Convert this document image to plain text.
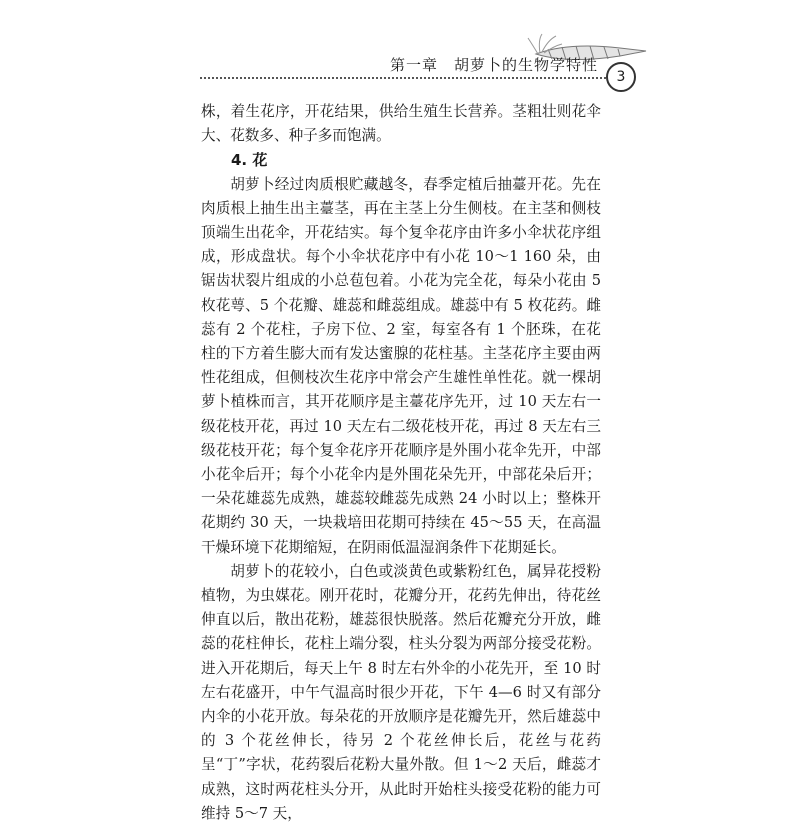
第一章　胡萝卜的生物学特性
3

株，着生花序，开花结果，供给生殖生长营养。茎粗壮则花伞大、花数多、种子多而饱满。

4. 花

胡萝卜经过肉质根贮藏越冬，春季定植后抽薹开花。先在肉质根上抽生出主薹茎，再在主茎上分生侧枝。在主茎和侧枝顶端生出花伞，开花结实。每个复伞花序由许多小伞状花序组成，形成盘状。每个小伞状花序中有小花 10～1 160 朵，由锯齿状裂片组成的小总苞包着。小花为完全花，每朵小花由 5 枚花萼、5 个花瓣、雄蕊和雌蕊组成。雄蕊中有 5 枚花药。雌蕊有 2 个花柱，子房下位、2 室，每室各有 1 个胚珠，在花柱的下方着生膨大而有发达蜜腺的花柱基。主茎花序主要由两性花组成，但侧枝次生花序中常会产生雄性单性花。就一棵胡萝卜植株而言，其开花顺序是主薹花序先开，过 10 天左右一级花枝开花，再过 10 天左右二级花枝开花，再过 8 天左右三级花枝开花；每个复伞花序开花顺序是外围小花伞先开，中部小花伞后开；每个小花伞内是外围花朵先开，中部花朵后开；一朵花雄蕊先成熟，雄蕊较雌蕊先成熟 24 小时以上；整株开花期约 30 天，一块栽培田花期可持续在 45～55 天，在高温干燥环境下花期缩短，在阴雨低温湿润条件下花期延长。

胡萝卜的花较小，白色或淡黄色或紫粉红色，属异花授粉植物，为虫媒花。刚开花时，花瓣分开，花药先伸出，待花丝伸直以后，散出花粉，雄蕊很快脱落。然后花瓣充分开放，雌蕊的花柱伸长，花柱上端分裂，柱头分裂为两部分接受花粉。进入开花期后，每天上午 8 时左右外伞的小花先开，至 10 时左右花盛开，中午气温高时很少开花，下午 4—6 时又有部分内伞的小花开放。每朵花的开放顺序是花瓣先开，然后雄蕊中的 3 个花丝伸长，待另 2 个花丝伸长后，花丝与花药呈“丁”字状，花药裂后花粉大量外散。但 1～2 天后，雌蕊才成熟，这时两花柱头分开，从此时开始柱头接受花粉的能力可维持 5～7 天，
